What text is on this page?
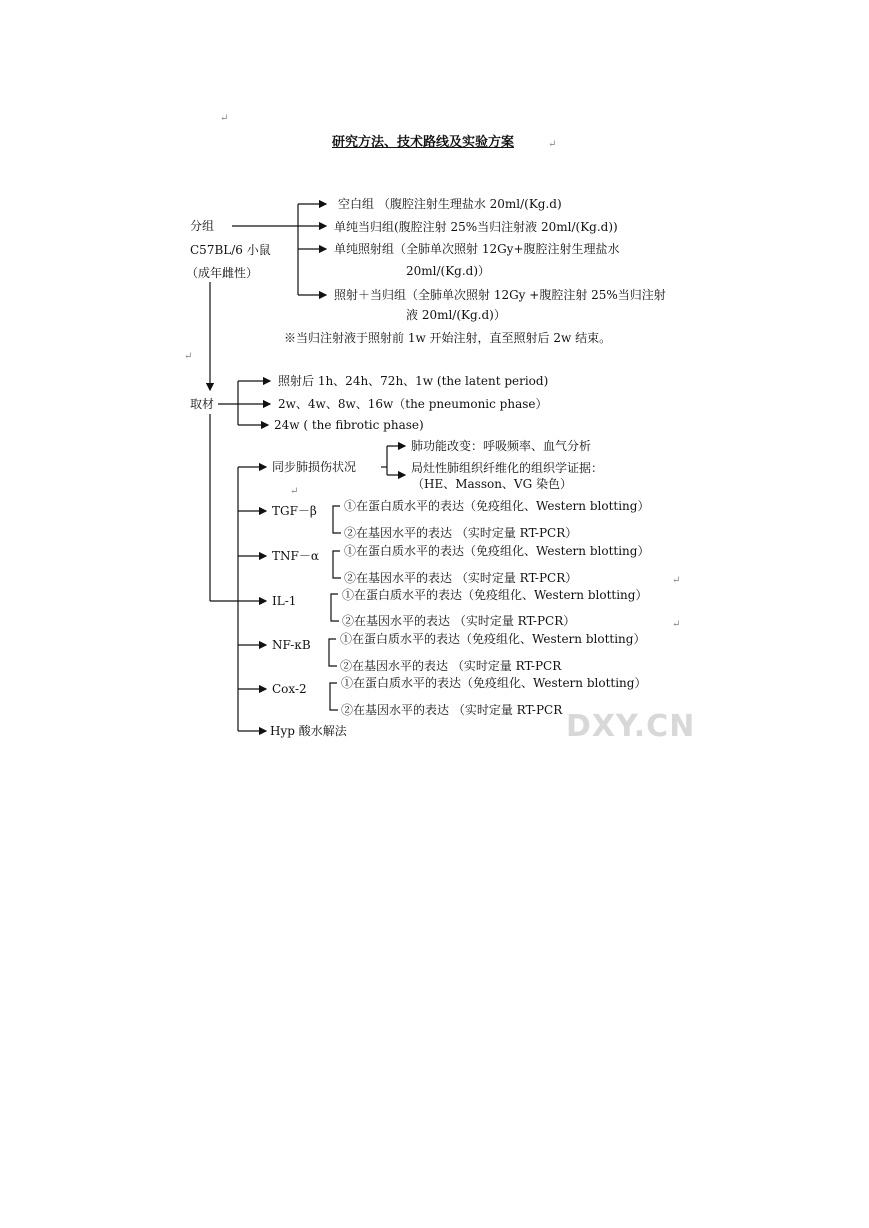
↵
↵
↵
↵
↵
↵
研究方法、技术路线及实验方案
分组
C57BL/6 小鼠
（成年雌性）
空白组 （腹腔注射生理盐水 20ml/(Kg.d)
单纯当归组(腹腔注射 25%当归注射液 20ml/(Kg.d))
单纯照射组（全肺单次照射 12Gy+腹腔注射生理盐水
20ml/(Kg.d)）
照射＋当归组（全肺单次照射 12Gy +腹腔注射 25%当归注射
液 20ml/(Kg.d)）
※当归注射液于照射前 1w 开始注射，直至照射后 2w 结束。
取材
照射后 1h、24h、72h、1w (the latent period)
2w、4w、8w、16w（the pneumonic phase）
24w ( the fibrotic phase)
同步肺损伤状况
肺功能改变：呼吸频率、血气分析
局灶性肺组织纤维化的组织学证据：
（HE、Masson、VG 染色）
TGF－β ①在蛋白质水平的表达（免疫组化、Western blotting）
②在基因水平的表达 （实时定量 RT-PCR）
TNF－α ①在蛋白质水平的表达（免疫组化、Western blotting）
②在基因水平的表达 （实时定量 RT-PCR）
IL-1	①在蛋白质水平的表达（免疫组化、Western blotting）
②在基因水平的表达 （实时定量 RT-PCR）
NF-κB ①在蛋白质水平的表达（免疫组化、Western blotting）
②在基因水平的表达 （实时定量 RT-PCR
Cox-2	①在蛋白质水平的表达（免疫组化、Western blotting）
②在基因水平的表达 （实时定量 RT-PCR
Hyp 酸水解法	DXY.CN
